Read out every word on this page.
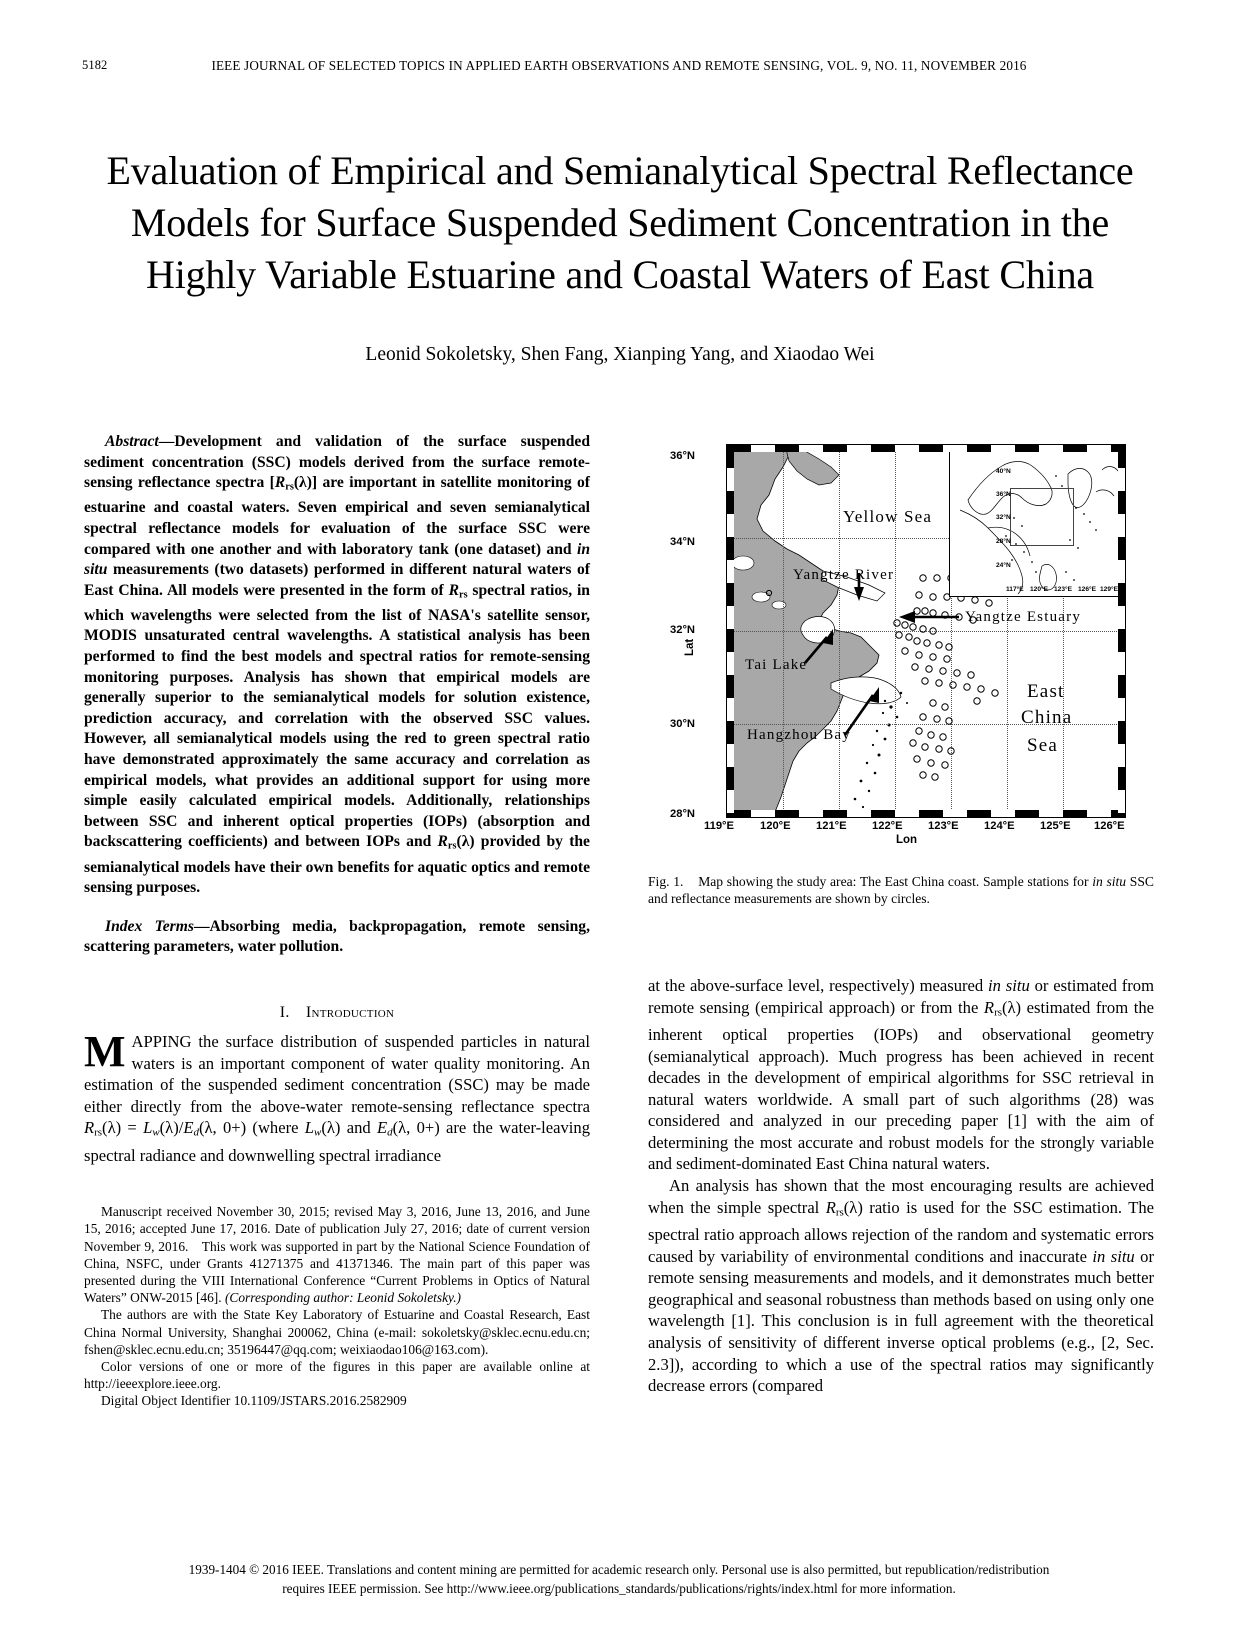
5182	IEEE JOURNAL OF SELECTED TOPICS IN APPLIED EARTH OBSERVATIONS AND REMOTE SENSING, VOL. 9, NO. 11, NOVEMBER 2016
Evaluation of Empirical and Semianalytical Spectral Reflectance Models for Surface Suspended Sediment Concentration in the Highly Variable Estuarine and Coastal Waters of East China
Leonid Sokoletsky, Shen Fang, Xianping Yang, and Xiaodao Wei

Abstract—Development and validation of the surface suspended sediment concentration (SSC) models derived from the surface remote-sensing reflectance spectra $[R_{rs}(\lambda)]$ are important in satellite monitoring of estuarine and coastal waters. Seven empirical and seven semianalytical spectral reflectance models for evaluation of the surface SSC were compared with one another and with laboratory tank (one dataset) and in situ measurements (two datasets) performed in different natural waters of East China. All models were presented in the form of $R_{rs}$ spectral ratios, in which wavelengths were selected from the list of NASA's satellite sensor, MODIS unsaturated central wavelengths. A statistical analysis has been performed to find the best models and spectral ratios for remote-sensing monitoring purposes. Analysis has shown that empirical models are generally superior to the semianalytical models for solution existence, prediction accuracy, and correlation with the observed SSC values. However, all semianalytical models using the red to green spectral ratio have demonstrated approximately the same accuracy and correlation as empirical models, what provides an additional support for using more simple easily calculated empirical models. Additionally, relationships between SSC and inherent optical properties (IOPs) (absorption and backscattering coefficients) and between IOPs and $R_{rs}(\lambda)$ provided by the semianalytical models have their own benefits for aquatic optics and remote sensing purposes.

Index Terms—Absorbing media, backpropagation, remote sensing, scattering parameters, water pollution.

I. Introduction

MAPPING the surface distribution of suspended particles in natural waters is an important component of water quality monitoring. An estimation of the suspended sediment concentration (SSC) may be made either directly from the above-water remote-sensing reflectance spectra $R_{rs}(\lambda) = L_w(\lambda)/E_d(\lambda$, 0+) (where $L_w(\lambda)$ and $E_d(\lambda$, 0+) are the water-leaving spectral radiance and downwelling spectral irradiance

Manuscript received November 30, 2015; revised May 3, 2016, June 13, 2016, and June 15, 2016; accepted June 17, 2016. Date of publication July 27, 2016; date of current version November 9, 2016. This work was supported in part by the National Science Foundation of China, NSFC, under Grants 41271375 and 41371346. The main part of this paper was presented during the VIII International Conference “Current Problems in Optics of Natural Waters” ONW-2015 [46]. (Corresponding author: Leonid Sokoletsky.)

The authors are with the State Key Laboratory of Estuarine and Coastal Research, East China Normal University, Shanghai 200062, China (e-mail: sokoletsky@sklec.ecnu.edu.cn; fshen@sklec.ecnu.edu.cn; 35196447@qq.com; weixiaodao106@163.com).

Color versions of one or more of the figures in this paper are available online at http://ieeexplore.ieee.org.

Digital Object Identifier 10.1109/JSTARS.2016.2582909

36°N
34°N
32°N
30°N
28°N
Lat
119°E 120°E 121°E 122°E 123°E 124°E 125°E 126°E
Lon
Yellow Sea
Yangtze River
Yangtze Estuary
Tai Lake
Hangzhou Bay
East
China
Sea
40°N
36°N
32°N
28°N
24°N
117°E 120°E 123°E 126°E 129°E

Fig. 1. Map showing the study area: The East China coast. Sample stations for in situ SSC and reflectance measurements are shown by circles.

at the above-surface level, respectively) measured in situ or estimated from remote sensing (empirical approach) or from the $R_{rs}(\lambda)$ estimated from the inherent optical properties (IOPs) and observational geometry (semianalytical approach). Much progress has been achieved in recent decades in the development of empirical algorithms for SSC retrieval in natural waters worldwide. A small part of such algorithms (28) was considered and analyzed in our preceding paper [1] with the aim of determining the most accurate and robust models for the strongly variable and sediment-dominated East China natural waters.

An analysis has shown that the most encouraging results are achieved when the simple spectral $R_{rs}(\lambda)$ ratio is used for the SSC estimation. The spectral ratio approach allows rejection of the random and systematic errors caused by variability of environmental conditions and inaccurate in situ or remote sensing measurements and models, and it demonstrates much better geographical and seasonal robustness than methods based on using only one wavelength [1]. This conclusion is in full agreement with the theoretical analysis of sensitivity of different inverse optical problems (e.g., [2, Sec. 2.3]), according to which a use of the spectral ratios may significantly decrease errors (compared

1939-1404 © 2016 IEEE. Translations and content mining are permitted for academic research only. Personal use is also permitted, but republication/redistribution
requires IEEE permission. See http://www.ieee.org/publications_standards/publications/rights/index.html for more information.
